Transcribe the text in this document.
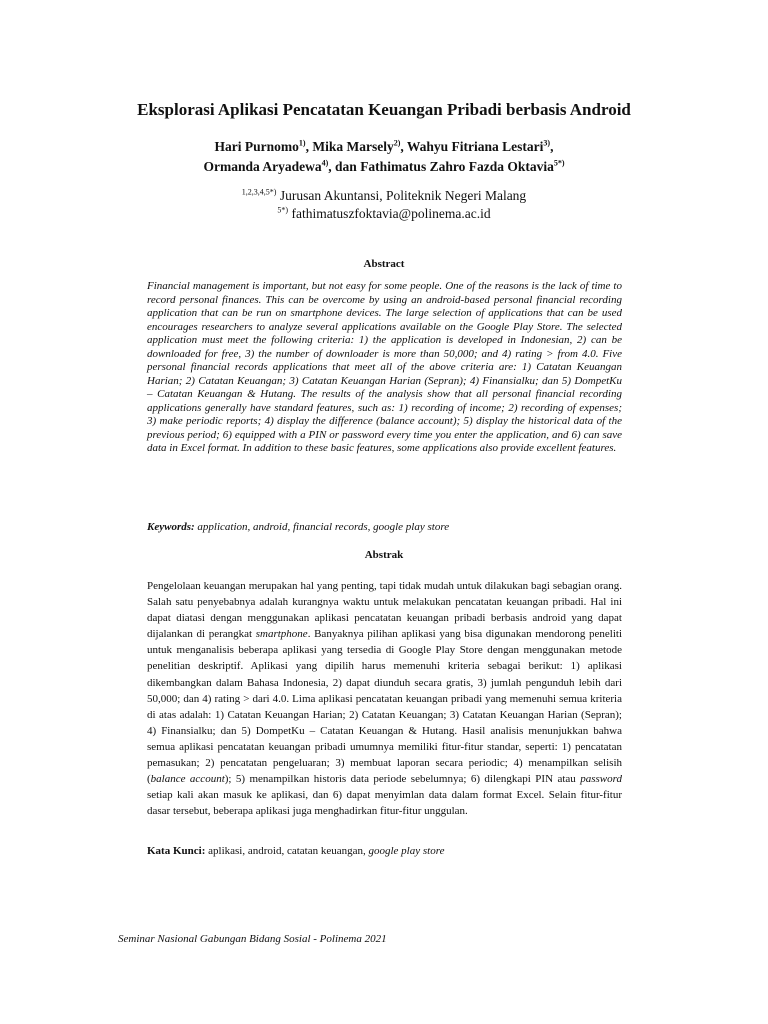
Eksplorasi Aplikasi Pencatatan Keuangan Pribadi berbasis Android
Hari Purnomo$^{1)}$, Mika Marsely$^{2)}$, Wahyu Fitriana Lestari$^{3)}$,
Ormanda Aryadewa$^{4)}$, dan Fathimatus Zahro Fazda Oktavia$^{5*)}$
$^{1,2,3,4,5*)}$ Jurusan Akuntansi, Politeknik Negeri Malang
$^{5*)}$ fathimatuszfoktavia@polinema.ac.id
Abstract

Financial management is important, but not easy for some people. One of the reasons is the lack of time to record personal finances. This can be overcome by using an android-based personal financial recording application that can be run on smartphone devices. The large selection of applications that can be used encourages researchers to analyze several applications available on the Google Play Store. The selected application must meet the following criteria: 1) the application is developed in Indonesian, 2) can be downloaded for free, 3) the number of downloader is more than 50,000; and 4) rating > from 4.0. Five personal financial records applications that meet all of the above criteria are: 1) Catatan Keuangan Harian; 2) Catatan Keuangan; 3) Catatan Keuangan Harian (Sepran); 4) Finansialku; dan 5) DompetKu – Catatan Keuangan & Hutang. The results of the analysis show that all personal financial recording applications generally have standard features, such as: 1) recording of income; 2) recording of expenses; 3) make periodic reports; 4) display the difference (balance account); 5) display the historical data of the previous period; 6) equipped with a PIN or password every time you enter the application, and 6) can save data in Excel format. In addition to these basic features, some applications also provide excellent features.

Keywords: application, android, financial records, google play store

Abstrak

Pengelolaan keuangan merupakan hal yang penting, tapi tidak mudah untuk dilakukan bagi sebagian orang. Salah satu penyebabnya adalah kurangnya waktu untuk melakukan pencatatan keuangan pribadi. Hal ini dapat diatasi dengan menggunakan aplikasi pencatatan keuangan pribadi berbasis android yang dapat dijalankan di perangkat smartphone. Banyaknya pilihan aplikasi yang bisa digunakan mendorong peneliti untuk menganalisis beberapa aplikasi yang tersedia di Google Play Store dengan menggunakan metode penelitian deskriptif. Aplikasi yang dipilih harus memenuhi kriteria sebagai berikut: 1) aplikasi dikembangkan dalam Bahasa Indonesia, 2) dapat diunduh secara gratis, 3) jumlah pengunduh lebih dari 50,000; dan 4) rating > dari 4.0. Lima aplikasi pencatatan keuangan pribadi yang memenuhi semua kriteria di atas adalah: 1) Catatan Keuangan Harian; 2) Catatan Keuangan; 3) Catatan Keuangan Harian (Sepran); 4) Finansialku; dan 5) DompetKu – Catatan Keuangan & Hutang. Hasil analisis menunjukkan bahwa semua aplikasi pencatatan keuangan pribadi umumnya memiliki fitur-fitur standar, seperti: 1) pencatatan pemasukan; 2) pencatatan pengeluaran; 3) membuat laporan secara periodic; 4) menampilkan selisih (balance account); 5) menampilkan historis data periode sebelumnya; 6) dilengkapi PIN atau password setiap kali akan masuk ke aplikasi, dan 6) dapat menyimlan data dalam format Excel. Selain fitur-fitur dasar tersebut, beberapa aplikasi juga menghadirkan fitur-fitur unggulan.

Kata Kunci: aplikasi, android, catatan keuangan, google play store

Seminar Nasional Gabungan Bidang Sosial - Polinema 2021
